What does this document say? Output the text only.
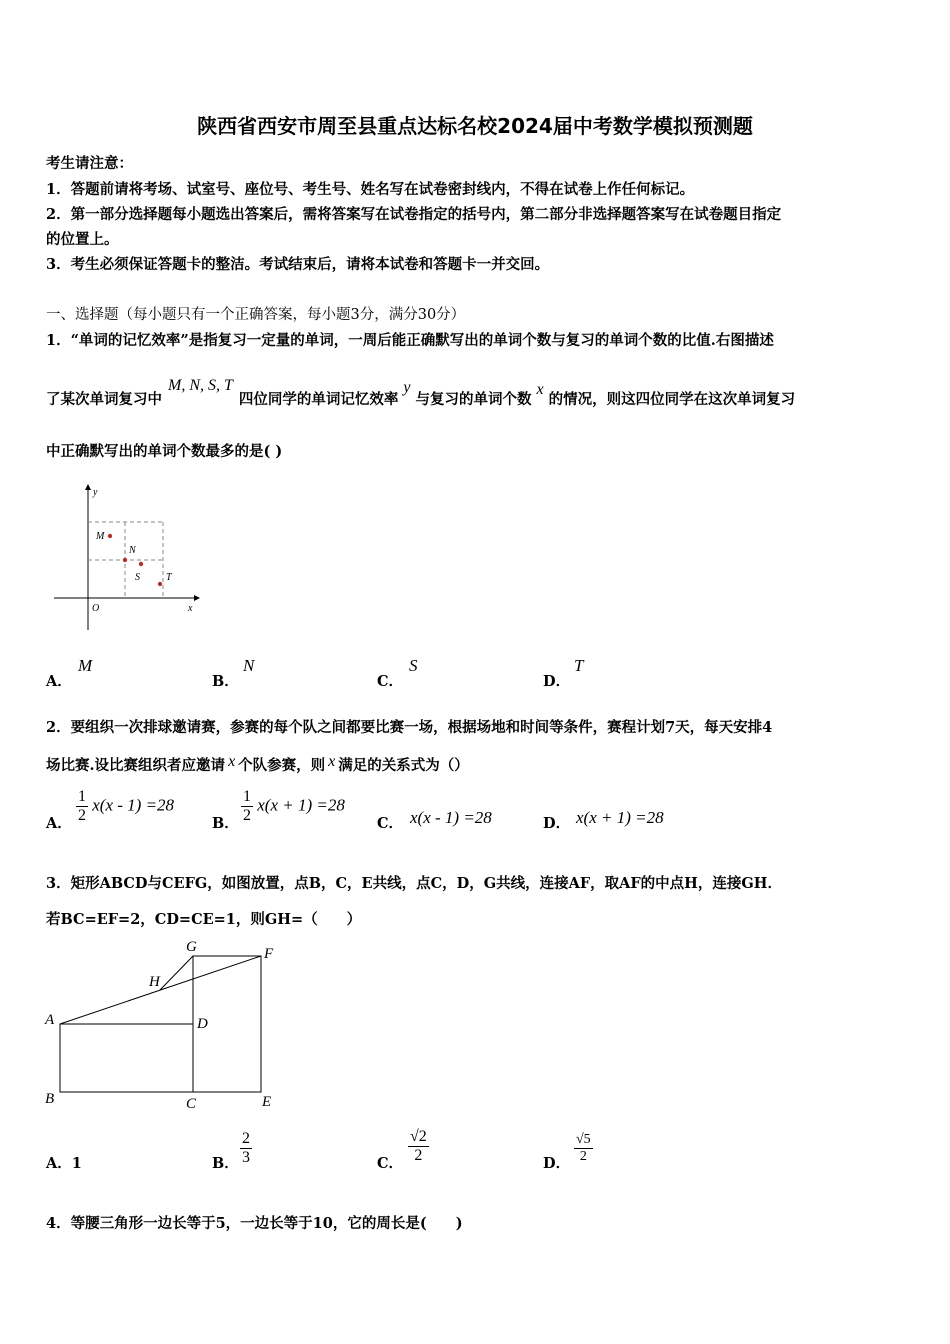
陕西省西安市周至县重点达标名校2024届中考数学模拟预测题
考生请注意：
1．答题前请将考场、试室号、座位号、考生号、姓名写在试卷密封线内，不得在试卷上作任何标记。
2．第一部分选择题每小题选出答案后，需将答案写在试卷指定的括号内，第二部分非选择题答案写在试卷题目指定
的位置上。
3．考生必须保证答题卡的整洁。考试结束后，请将本试卷和答题卡一并交回。
一、选择题（每小题只有一个正确答案，每小题3分，满分30分）
1．“单词的记忆效率”是指复习一定量的单词，一周后能正确默写出的单词个数与复习的单词个数的比值.右图描述
了某次单词复习中M, N, S, T四位同学的单词记忆效率y与复习的单词个数x的情况，则这四位同学在这次单词复习
中正确默写出的单词个数最多的是( )
y
x
O
M
N
S	T
A．
M
B．
N
C．
S
D．
T
2．要组织一次排球邀请赛，参赛的每个队之间都要比赛一场，根据场地和时间等条件，赛程计划7天，每天安排4
场比赛.设比赛组织者应邀请 x 个队参赛，则 x 满足的关系式为（）
A． $\frac{1}{2} x(x - 1) =28$
B． $\frac{1}{2} x(x + 1) =28$
C． x(x - 1) =28	D． x(x + 1) =28
3．矩形ABCD与CEFG，如图放置，点B，C，E共线，点C，D，G共线，连接AF，取AF的中点H，连接GH．
若BC=EF=2，CD=CE=1，则GH=（　　）
G	F
H
A	D
B	C	E
A．1	B． $\frac{2}{3}$	C． $\frac{√2}{2}$	D． $\frac{√5}{2}$
4．等腰三角形一边长等于5，一边长等于10，它的周长是(　　)
